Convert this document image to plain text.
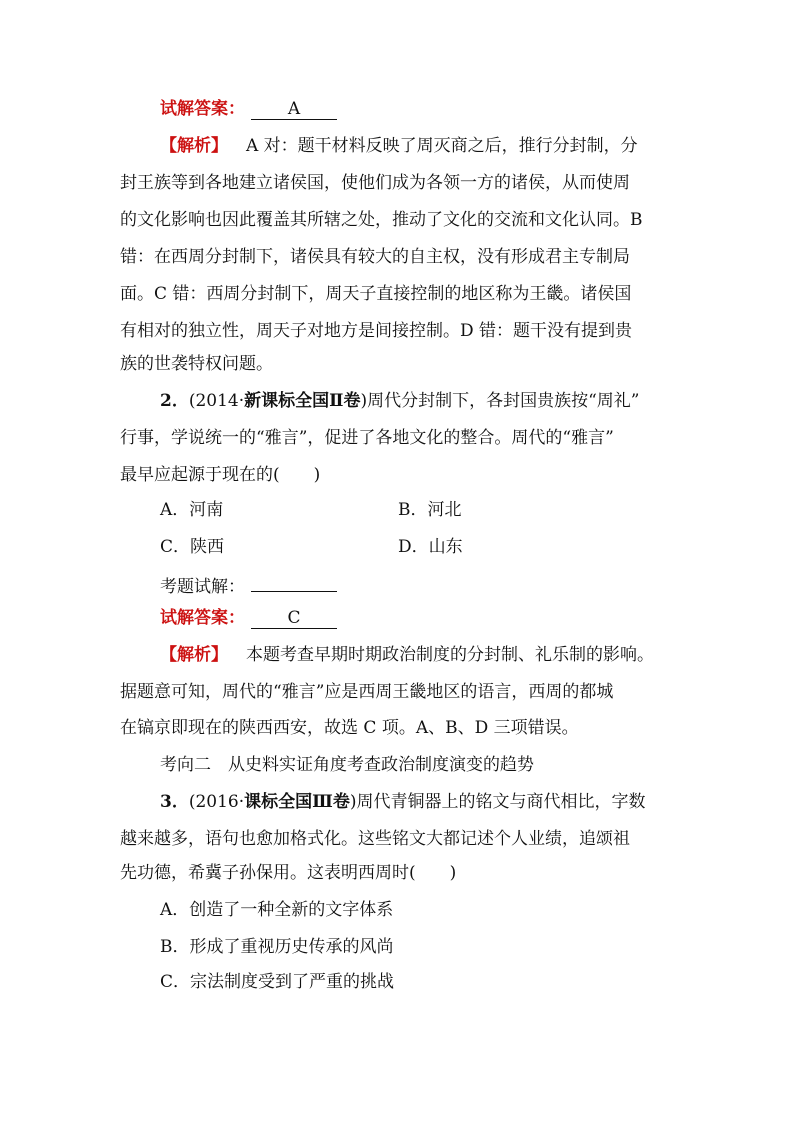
试解答案：	A
【解析】 A 对：题干材料反映了周灭商之后，推行分封制，分
封王族等到各地建立诸侯国，使他们成为各领一方的诸侯，从而使周
的文化影响也因此覆盖其所辖之处，推动了文化的交流和文化认同。B
错：在西周分封制下，诸侯具有较大的自主权，没有形成君主专制局
面。C 错：西周分封制下，周天子直接控制的地区称为王畿。诸侯国
有相对的独立性，周天子对地方是间接控制。D 错：题干没有提到贵
族的世袭特权问题。
2．(2014·新课标全国Ⅱ卷)周代分封制下，各封国贵族按“周礼”
行事，学说统一的“雅言”，促进了各地文化的整合。周代的“雅言”
最早应起源于现在的(　　)
A．河南	B．河北
C．陕西	D．山东
考题试解：
试解答案： C
【解析】 本题考查早期时期政治制度的分封制、礼乐制的影响。
据题意可知，周代的“雅言”应是西周王畿地区的语言，西周的都城
在镐京即现在的陕西西安，故选 C 项。A、B、D 三项错误。
考向二　从史料实证角度考查政治制度演变的趋势
3．(2016·课标全国Ⅲ卷)周代青铜器上的铭文与商代相比，字数
越来越多，语句也愈加格式化。这些铭文大都记述个人业绩，追颂祖
先功德，希冀子孙保用。这表明西周时(　　)
A．创造了一种全新的文字体系
B．形成了重视历史传承的风尚
C．宗法制度受到了严重的挑战
